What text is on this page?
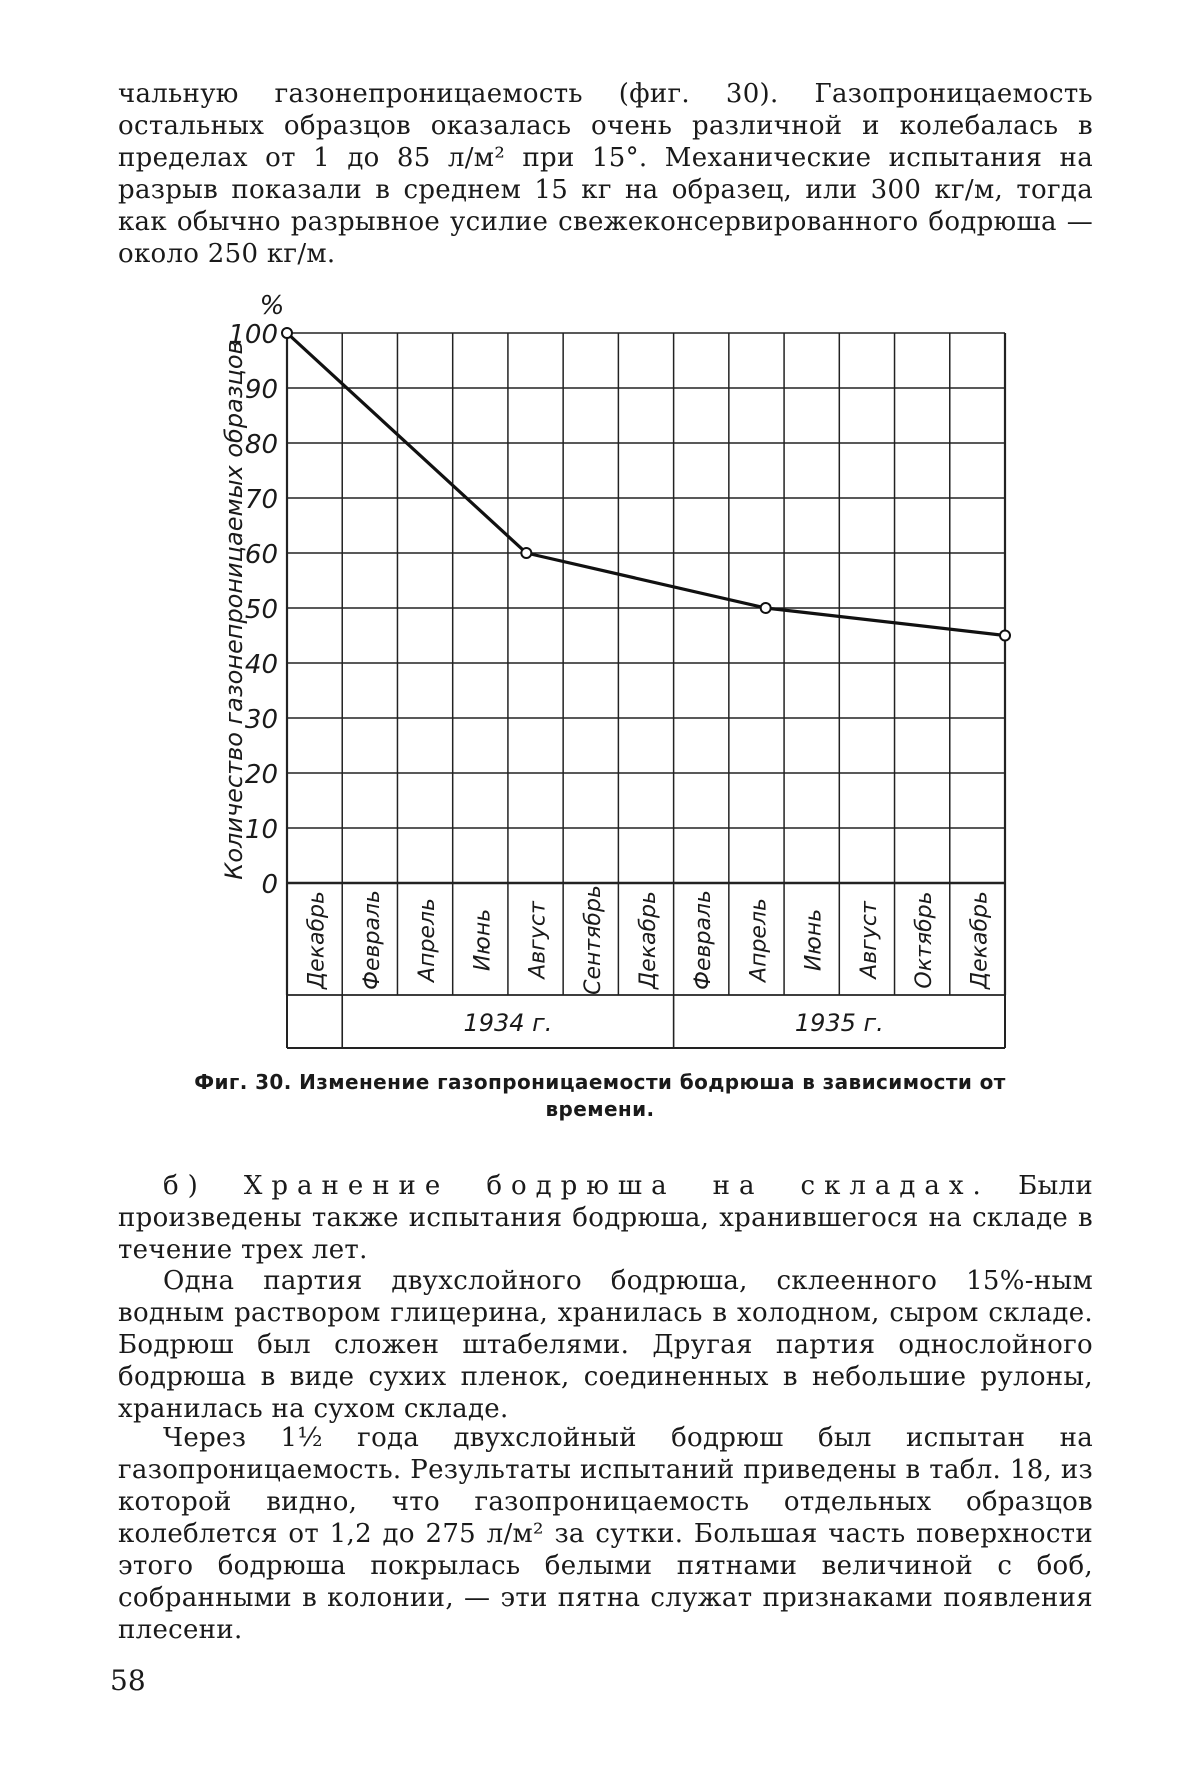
чальную газонепроницаемость (фиг. 30). Газопроницаемость остальных образцов оказалась очень различной и колебалась в пределах от 1 до 85 л/м² при 15°. Механические испытания на разрыв показали в среднем 15 кг на образец, или 300 кг/м, тогда как обычно разрывное усилие свежеконсервированного бодрюша — около 250 кг/м.
100
90
80
70
60
50
40
30
20
10
0
%
Количество газонепроницаемых образцов
Декабрь Февраль Апрель Июнь Август Сентябрь Декабрь Февраль Апрель Июнь Август Октябрь Декабрь
1934 г.	1935 г.
Фиг. 30. Изменение газопроницаемости бодрюша в зависимости от времени.
б) Хранение бодрюша на складах. Были произведены также испытания бодрюша, хранившегося на складе в течение трех лет.
Одна партия двухслойного бодрюша, склеенного 15%-ным водным раствором глицерина, хранилась в холодном, сыром складе. Бодрюш был сложен штабелями. Другая партия однослойного бодрюша в виде сухих пленок, соединенных в небольшие рулоны, хранилась на сухом складе.
Через 1½ года двухслойный бодрюш был испытан на газопроницаемость. Результаты испытаний приведены в табл. 18, из которой видно, что газопроницаемость отдельных образцов колеблется от 1,2 до 275 л/м² за сутки. Большая часть поверхности этого бодрюша покрылась белыми пятнами величиной с боб, собранными в колонии, — эти пятна служат признаками появления плесени.
58
